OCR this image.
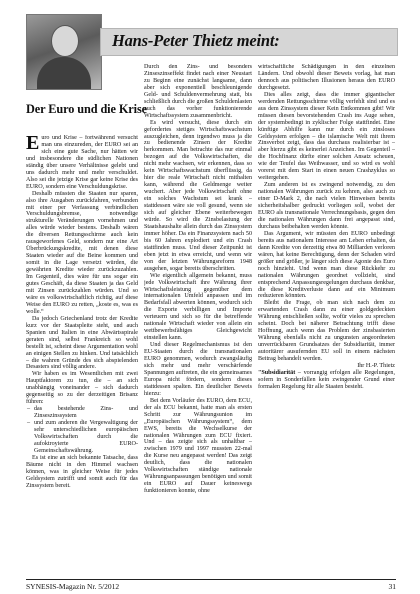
Hans-Peter Thietz meint:
Der Euro und die Krise

Euro und Krise – fortwährend versucht man uns einzureden, der EURO sei an sich eine gute Sache, nur hätten wir und insbesondere die südlichen Nationen ständig über unsere Verhältnisse gelebt und uns dadurch mehr und mehr verschuldet. Also sei die jetzige Krise gar keine Krise des EURO, sondern eine Verschuldungskrise.

Deshalb müssten die Staaten nur sparen, also ihre Ausgaben zurückfahren, verbunden mit einer per Verfassung verbindlichen Verschuldungsbremse, notwendige strukturelle Veränderungen vornehmen und alles würde wieder bestens. Deshalb wären die diversen Rettungsschirme auch kein rausgeworfenes Geld, sondern nur eine Art Überbrückungskredite, mit denen diese Staaten wieder auf die Beine kommen und somit in die Lage versetzt würden, die gewährten Kredite wieder zurückzuzahlen. Im Gegenteil, dies wäre für uns sogar ein gutes Geschäft, da diese Staaten ja das Geld mit Zinsen zurückzahlen würden. Und so wäre es volkswirtschaftlich richtig, auf diese Weise den EURO zu retten, „koste es, was es wolle.“

Da jedoch Griechenland trotz der Kredite kurz vor der Staatspleite steht, und auch Spanien und Italien in eine Abwärtsspirale geraten sind, selbst Frankreich so wohl bestellt ist, scheint diese Argumentation wohl an einigen Stellen zu hinken. Und tatsächlich – die wahren Gründe des sich abspielenden Desasters sind völlig andere.

Wir haben es im Wesentlichen mit zwei Hauptfaktoren zu tun, die – an sich unabhängig voneinander – sich dadurch gegenseitig so zu der derzeitigen Brisanz führen:

– das bestehende Zins- und Zinseszinssystem
– und zum anderen die Vergewaltigung der sehr unterschiedlichen europäischen Volkswirtschaften durch die aufoktroyierte EURO-Gemeinschaftswährung.

Es ist eine an sich bekannte Tatsache, dass Bäume nicht in den Himmel wachsen können, was in gleicher Weise für jedes Geldsystem zutrifft und somit auch für das Zinssystem bereit.

Durch den Zins- und besonders Zinseszinseffekt findet nach einer Neustart zu Beginn eine zunächst langsame, dann aber sich exponentiell beschleunigende Geld- und Schuldenvermehrung statt, bis schließlich durch die großen Schuldenlasten auch das vorher funktionierende Wirtschaftssystem zusammenbricht.

Es wird versucht, diese durch ein gefordertes stetiges Wirtschaftswachstum auszugleichen, denn irgendwo muss ja die zu bedienende Zinsen der Kredite herkommen. Man betrachte das nur einmal bezogen auf die Volkswirtschaften, die nicht mehr wachsen, wir erkennen, dass so kein Wirtschaftswachstum überflüssig, da hier die reale Wirtschaft nicht mithalten kann, während die Geldmenge weiter wuchert. Aber jede Volkswirtschaft ohne ein solches Wachstum sei krank – stattdessen wäre sie voll gesund, wenn sie sich auf gleicher Ebene weiterbewegen würde. So wird die Zinsbelastung der Staatshaushalte allein durch das Zinssystem immer höher. Da ein Finanzsystem nach 50 bis 60 Jahren explodiert und ein Crash stattfinden muss. Und dieser Zeitpunkt ist eben jetzt in etwa erreicht, und wenn wir von der letzten Währungsreform 1948 ausgehen, sogar bereits überschritten.

Wie eigentlich allgemein bekannt, muss jede Volkswirtschaft ihre Währung ihrer Wirtschaftsleistung gegenüber dem internationalen Umfeld anpassen und im Bedarfsfall abwerten können, wodurch sich die Exporte verbilligen und Importe verteuern und sich so für die betreffende nationale Wirtschaft wieder von allein ein wettbewerbsfähiges Gleichgewicht einstellen kann.

Und dieser Regelmechanismus ist den EU-Staaten durch die transnationalen EURO genommen, wodurch zwangsläufig sich mehr und mehr verschärfende Spannungen auftreten, die ein gemeinsames Europa nicht fördern, sondern dieses stattdessen spalten. Ein deutlicher Beweis hierzu:

Bei dem Vorläufer des EURO, dem ECU, der als ECU bekannt, hatte man als ersten Schritt zur Währungsunion im „Europäischen Währungssystem“, dem EWS, bereits die Wechselkurse der nationalen Währungen zum ECU fixiert. Und – das zeigte sich als unhaltbar – zwischen 1979 und 1997 mussten 22-mal die Kurse neu angepasst werden! Das zeigt deutlich, dass die nationalen Volkswirtschaften ständige nationale Währungsanpassungen benötigen und somit ein EURO auf Dauer keineswegs funktionieren konnte, ohne

wirtschaftliche Schädigungen in den einzelnen Ländern. Und obwohl dieser Beweis vorlag, hat man dennoch aus politischen Illusionen heraus den EURO durchgesetzt.

Dies alles zeigt, dass die immer gigantischer werdenden Rettungsschirme völlig verfehlt sind und es aus dem Zinssystem dieser Kein Entkommen gibt! Wir müssen diesen bevorstehenden Crash ins Auge sehen, der systembedingt in zyklischer Folge stattfindet. Eine künftige Abhilfe kann nur durch ein zinsloses Geldsystem erfolgen – die islamische Welt mit ihrem Zinsverbot zeigt, dass das durchaus realisierbar ist – aber hierzu gibt es keinerlei Anzeichen. Im Gegenteil – die Hochfinanz dürfte einer solchen Ansatz scheuen, wie der Teufel das Weihwasser, und so wird es wohl vorerst mit dem Start in einen neuen Crashzyklus so weitergehen.

Zum anderen ist es zwingend notwendig, zu den nationalen Währungen zurück zu kehren, also auch zu einer D-Mark 2, die nach vielen Hinweisen bereits sicherheitshalber gedruckt vorliegen soll, wobei der EURO als transnationale Verrechnungsbasis, gegen den die nationalen Währungen dann frei angepasst sind, durchaus beibehalten werden könnte.

Das Argument, wir müssten den EURO unbedingt bereits aus nationalem Interesse am Leben erhalten, da dann Kredite von derzeitig etwa 80 Milliarden verloren wären, hat keine Berechtigung, denn der Schaden wird größer und größer, je länger sich diese Agonie des Euro noch hinzieht. Und wenn man diese Rückkehr zu nationalen Währungen geordnet vollzieht, sind entsprechend Anpassungsregelungen durchaus denkbar, die diese Kreditverluste dann auf ein Minimum reduzieren könnten.

Bleibt die Frage, ob man sich nach dem zu erwartenden Crash dann zu einer goldgedeckten Währung entschließen sollte, wofür vieles zu sprechen scheint. Doch bei näherer Betrachtung trifft diese Hoffnung, auch wenn das Problem der zinsbasierten Währung ebenfalls nicht zu ungunsten angeordneten unverrückbaren Grundsatzes der Subsidiarität, immer autoritärer ausufernden EU soll in einem nächsten Beitrag behandelt werden.

Ihr H.-P. Thietz

"Subsidiarität – vorrangig erfolgen alle Regelungen, sofern in Sonderfällen kein zwingender Grund einer formalen Regelung für alle Staaten besteht.

SYNESIS-Magazin Nr. 5/2012	31
